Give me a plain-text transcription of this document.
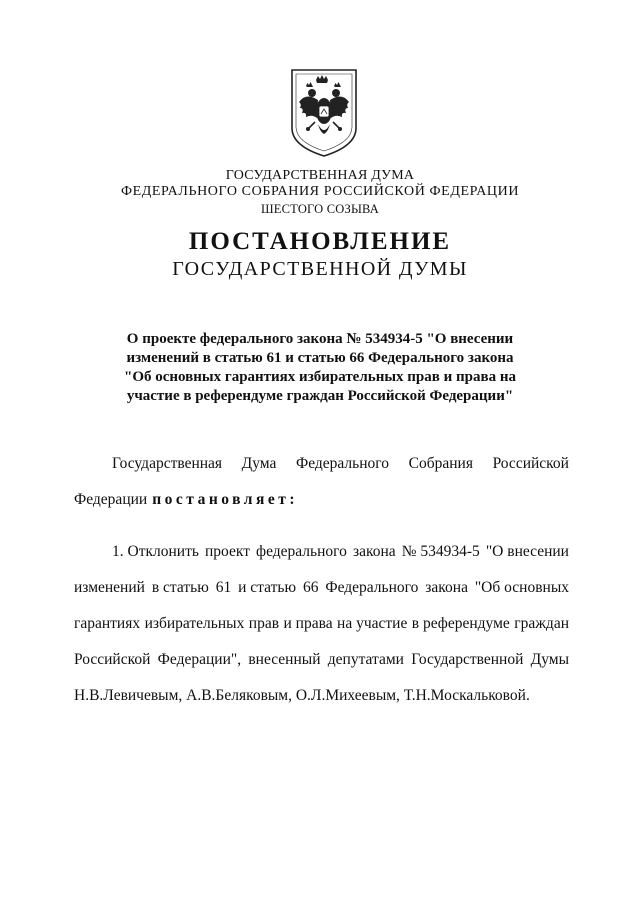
ГОСУДАРСТВЕННАЯ ДУМА
ФЕДЕРАЛЬНОГО СОБРАНИЯ РОССИЙСКОЙ ФЕДЕРАЦИИ
ШЕСТОГО СОЗЫВА
ПОСТАНОВЛЕНИЕ
ГОСУДАРСТВЕННОЙ ДУМЫ
О проекте федерального закона № 534934-5 "О внесении
изменений в статью 61 и статью 66 Федерального закона
"Об основных гарантиях избирательных прав и права на
участие в референдуме граждан Российской Федерации"
Государственная Дума Федерального Собрания Российской
Федерации постановляет:
1. Отклонить проект федерального закона № 534934-5 "О внесении
изменений в статью 61 и статью 66 Федерального закона "Об основных
гарантиях избирательных прав и права на участие в референдуме граждан
Российской Федерации", внесенный депутатами Государственной Думы
Н.В.Левичевым, А.В.Беляковым, О.Л.Михеевым, Т.Н.Москальковой.
